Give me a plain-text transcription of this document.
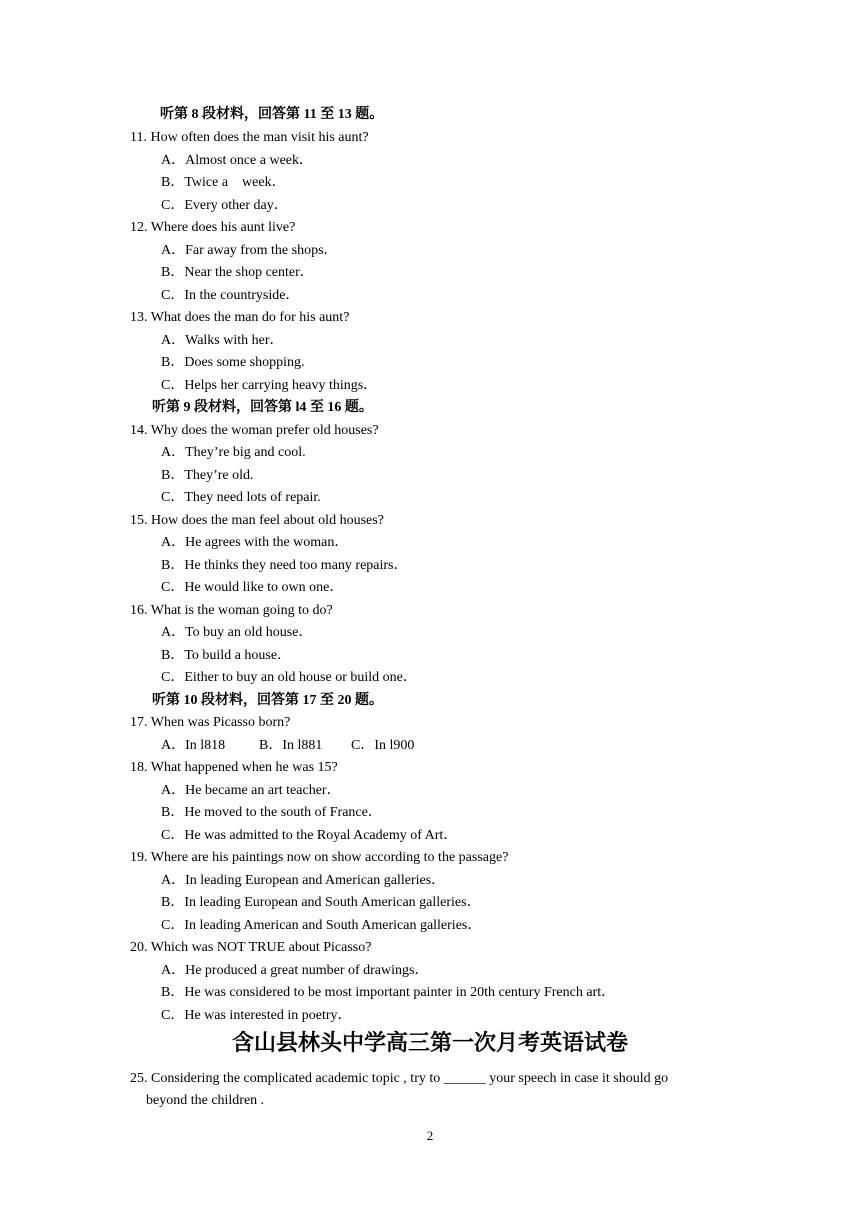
听第 8 段材料，回答第 11 至 13 题。
11. How often does the man visit his aunt?
A．Almost once a week．
B．Twice a    week．
C．Every other day．
12. Where does his aunt live?
A．Far away from the shops．
B．Near the shop center．
C．In the countryside．
13. What does the man do for his aunt?
A．Walks with her．
B．Does some shopping.
C．Helps her carrying heavy things．
听第 9 段材料，回答第 l4 至 16 题。
14. Why does the woman prefer old houses?
A．They’re big and cool.
B．They’re old.
C．They need lots of repair.
15. How does the man feel about old houses?
A．He agrees with the woman．
B．He thinks they need too many repairs．
C．He would like to own one．
16. What is the woman going to do?
A．To buy an old house．
B．To build a house．
C．Either to buy an old house or build one．
听第 10 段材料，回答第 17 至 20 题。
17. When was Picasso born?
A．In l818 B．In l881 C．In l900
18. What happened when he was 15?
A．He became an art teacher．
B．He moved to the south of France．
C．He was admitted to the Royal Academy of Art．
19. Where are his paintings now on show according to the passage?
A．In leading European and American galleries．
B．In leading European and South American galleries．
C．In leading American and South American galleries．
20. Which was NOT TRUE about Picasso?
A．He produced a great number of drawings．
B．He was considered to be most important painter in 20th century French art．
C．He was interested in poetry．
含山县林头中学高三第一次月考英语试卷
25. Considering the complicated academic topic , try to ______ your speech in case it should go
beyond the children .
2
